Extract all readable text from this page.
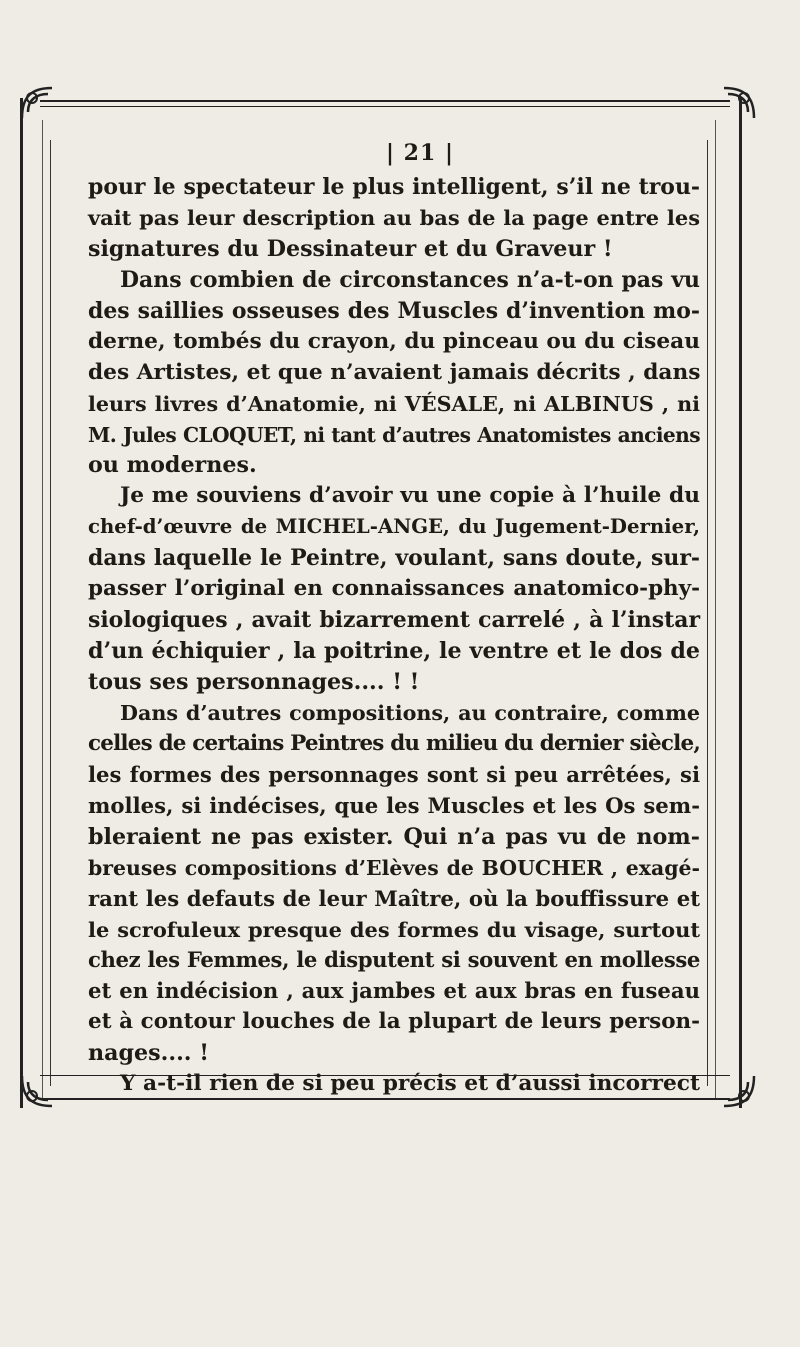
| 21 |
pour le spectateur le plus intelligent, s’il ne trou-
vait pas leur description au bas de la page entre les
signatures du Dessinateur et du Graveur !
Dans combien de circonstances n’a-t-on pas vu
des saillies osseuses des Muscles d’invention mo-
derne, tombés du crayon, du pinceau ou du ciseau
des Artistes, et que n’avaient jamais décrits , dans
leurs livres d’Anatomie, ni VÉSALE, ni ALBINUS , ni
M. Jules CLOQUET, ni tant d’autres Anatomistes anciens
ou modernes.
Je me souviens d’avoir vu une copie à l’huile du
chef-d’œuvre de MICHEL-ANGE, du Jugement-Dernier,
dans laquelle le Peintre, voulant, sans doute, sur-
passer l’original en connaissances anatomico-phy-
siologiques , avait bizarrement carrelé , à l’instar
d’un échiquier , la poitrine, le ventre et le dos de
tous ses personnages.... ! !
Dans d’autres compositions, au contraire, comme
celles de certains Peintres du milieu du dernier siècle,
les formes des personnages sont si peu arrêtées, si
molles, si indécises, que les Muscles et les Os sem-
bleraient ne pas exister. Qui n’a pas vu de nom-
breuses compositions d’Elèves de BOUCHER , exagé-
rant les defauts de leur Maître, où la bouffissure et
le scrofuleux presque des formes du visage, surtout
chez les Femmes, le disputent si souvent en mollesse
et en indécision , aux jambes et aux bras en fuseau
et à contour louches de la plupart de leurs person-
nages.... !
Y a-t-il rien de si peu précis et d’aussi incorrect
